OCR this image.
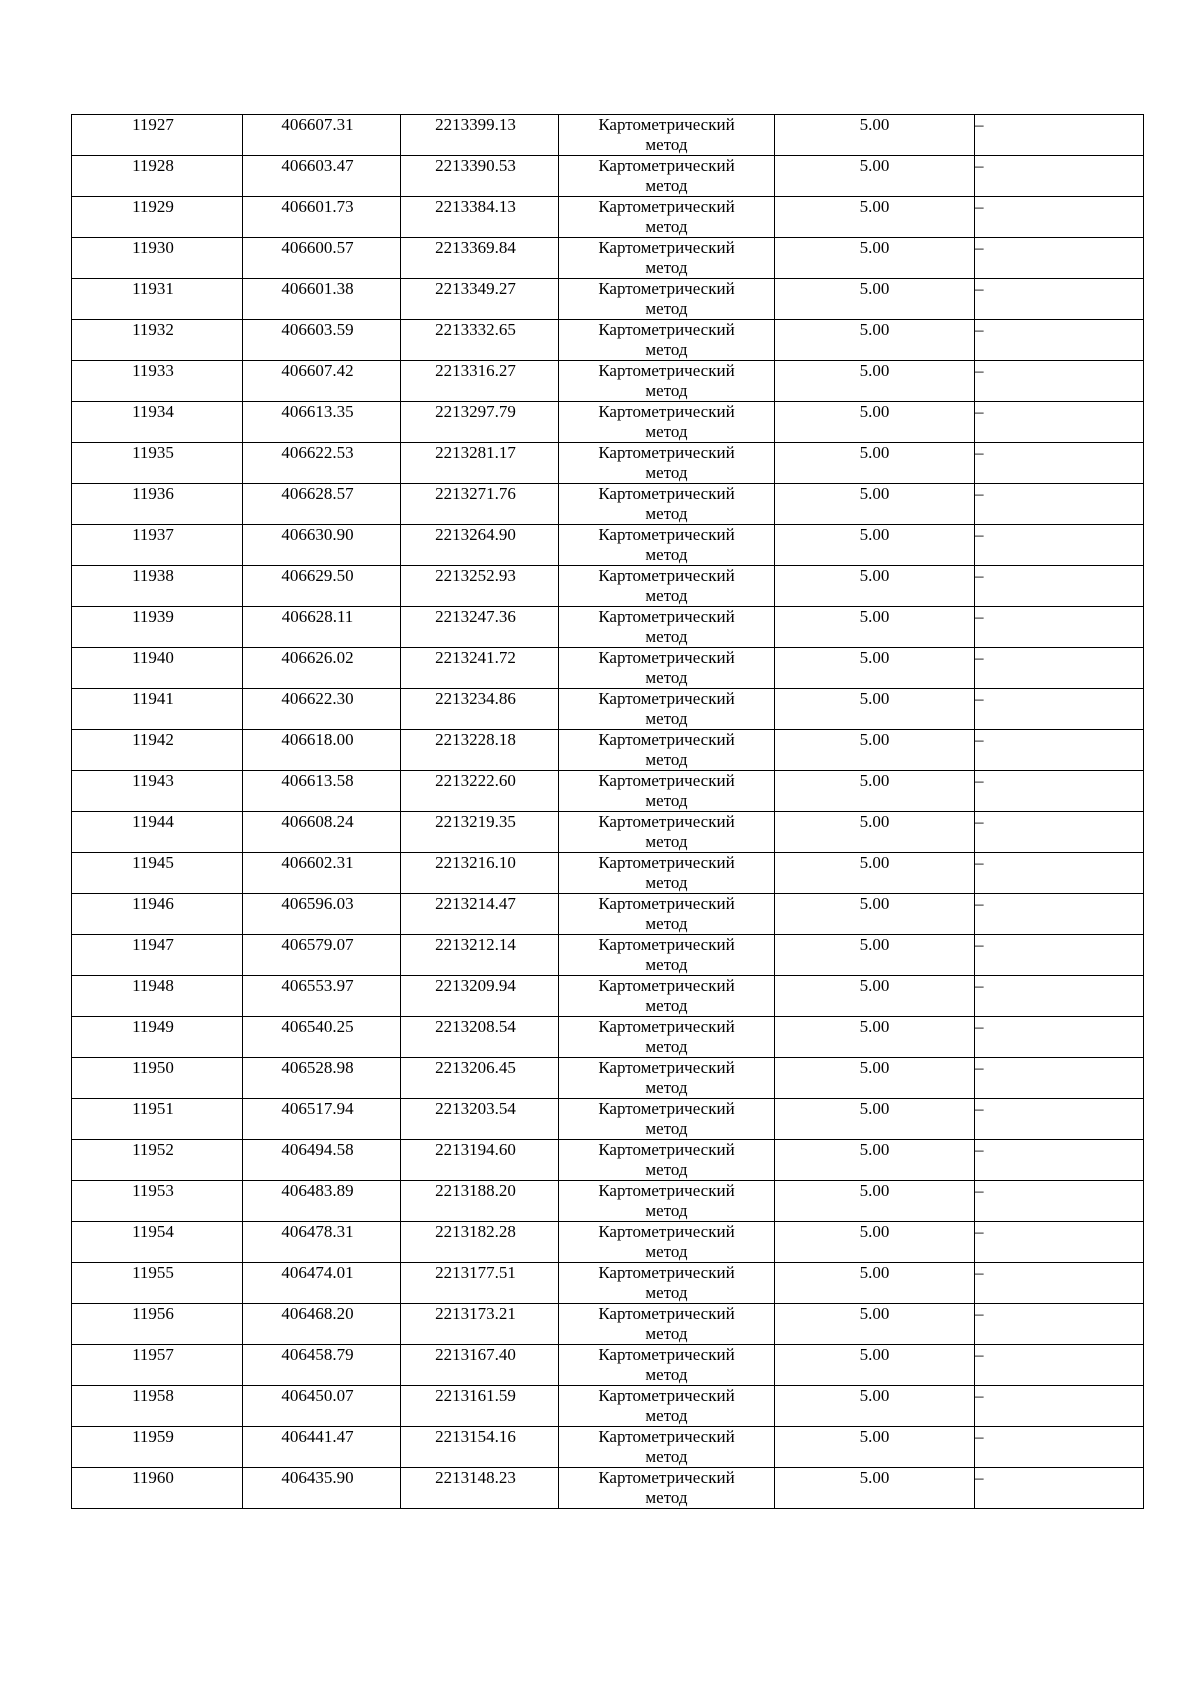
11927	406607.31	2213399.13	Картометрический
метод	5.00	–
11928	406603.47	2213390.53	Картометрический
метод	5.00	–
11929	406601.73	2213384.13	Картометрический
метод	5.00	–
11930	406600.57	2213369.84	Картометрический
метод	5.00	–
11931	406601.38	2213349.27	Картометрический
метод	5.00	–
11932	406603.59	2213332.65	Картометрический
метод	5.00	–
11933	406607.42	2213316.27	Картометрический
метод	5.00	–
11934	406613.35	2213297.79	Картометрический
метод	5.00	–
11935	406622.53	2213281.17	Картометрический
метод	5.00	–
11936	406628.57	2213271.76	Картометрический
метод	5.00	–
11937	406630.90	2213264.90	Картометрический
метод	5.00	–
11938	406629.50	2213252.93	Картометрический
метод	5.00	–
11939	406628.11	2213247.36	Картометрический
метод	5.00	–
11940	406626.02	2213241.72	Картометрический
метод	5.00	–
11941	406622.30	2213234.86	Картометрический
метод	5.00	–
11942	406618.00	2213228.18	Картометрический
метод	5.00	–
11943	406613.58	2213222.60	Картометрический
метод	5.00	–
11944	406608.24	2213219.35	Картометрический
метод	5.00	–
11945	406602.31	2213216.10	Картометрический
метод	5.00	–
11946	406596.03	2213214.47	Картометрический
метод	5.00	–
11947	406579.07	2213212.14	Картометрический
метод	5.00	–
11948	406553.97	2213209.94	Картометрический
метод	5.00	–
11949	406540.25	2213208.54	Картометрический
метод	5.00	–
11950	406528.98	2213206.45	Картометрический
метод	5.00	–
11951	406517.94	2213203.54	Картометрический
метод	5.00	–
11952	406494.58	2213194.60	Картометрический
метод	5.00	–
11953	406483.89	2213188.20	Картометрический
метод	5.00	–
11954	406478.31	2213182.28	Картометрический
метод	5.00	–
11955	406474.01	2213177.51	Картометрический
метод	5.00	–
11956	406468.20	2213173.21	Картометрический
метод	5.00	–
11957	406458.79	2213167.40	Картометрический
метод	5.00	–
11958	406450.07	2213161.59	Картометрический
метод	5.00	–
11959	406441.47	2213154.16	Картометрический
метод	5.00	–
11960	406435.90	2213148.23	Картометрический
метод	5.00	–
